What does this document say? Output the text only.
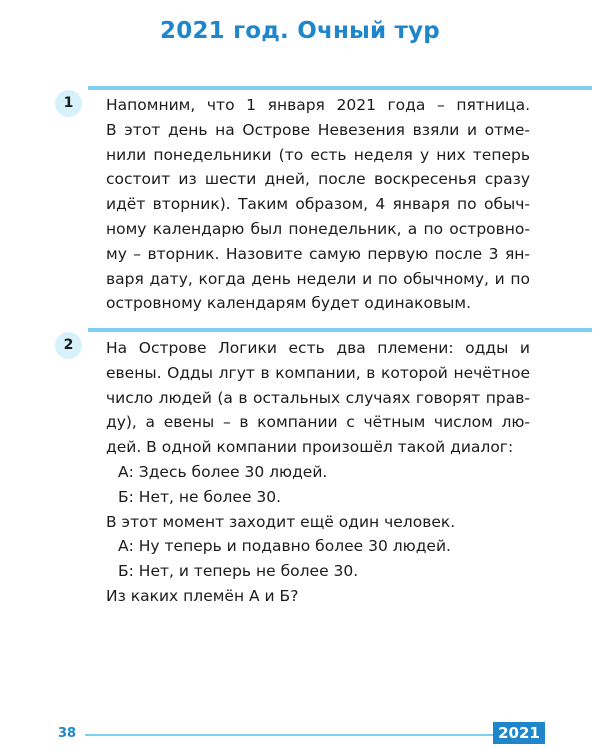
2021 год. Очный тур
1	Напомним, что 1 января 2021 года – пятница.
В этот день на Острове Невезения взяли и отме-
нили понедельники (то есть неделя у них теперь
состоит из шести дней, после воскресенья сразу
идёт вторник). Таким образом, 4 января по обыч-
ному календарю был понедельник, а по островно-
му – вторник. Назовите самую первую после 3 ян-
варя дату, когда день недели и по обычному, и по
островному календарям будет одинаковым.
2	На Острове Логики есть два племени: одды и
евены. Одды лгут в компании, в которой нечётное
число людей (а в остальных случаях говорят прав-
ду), а евены – в компании с чётным числом лю-
дей. В одной компании произошёл такой диалог:
А: Здесь более 30 людей.
Б: Нет, не более 30.
В этот момент заходит ещё один человек.
А: Ну теперь и подавно более 30 людей.
Б: Нет, и теперь не более 30.
Из каких племён А и Б?
38	2021
